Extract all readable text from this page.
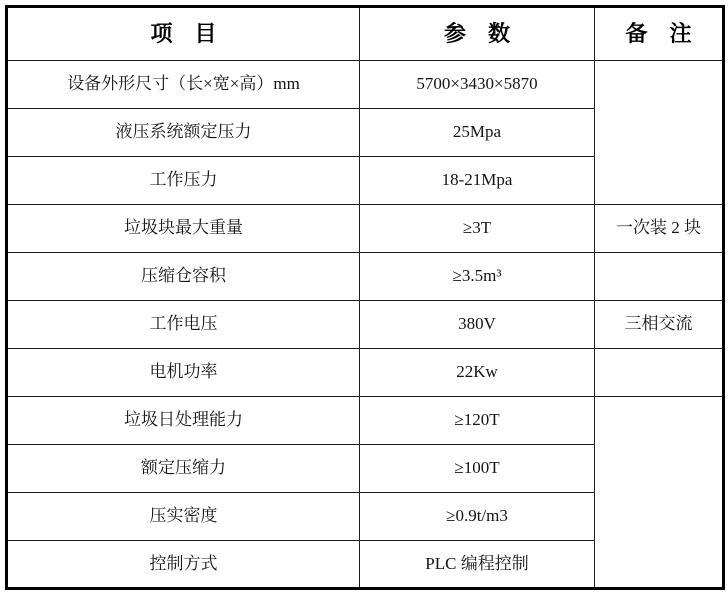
项　目	参　数	备　注
设备外形尺寸（长×宽×高）mm	5700×3430×5870	
液压系统额定压力	25Mpa	
工作压力	18-21Mpa	
垃圾块最大重量	≥3T	一次装 2 块
压缩仓容积	≥3.5m³	
工作电压	380V	三相交流
电机功率	22Kw	
垃圾日处理能力	≥120T	
额定压缩力	≥100T	
压实密度	≥0.9t/m3	
控制方式	PLC 编程控制	
